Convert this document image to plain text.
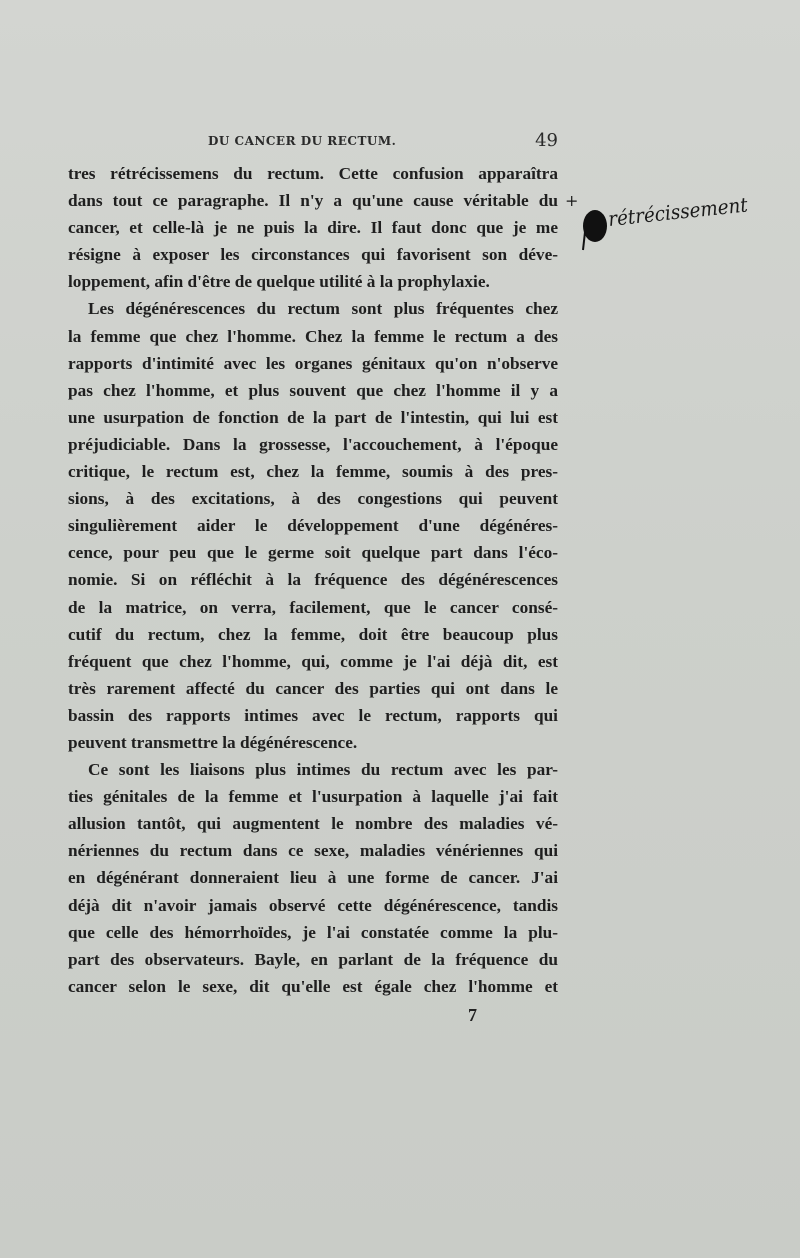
DU CANCER DU RECTUM.	49
tres rétrécissemens du rectum. Cette confusion apparaîtra
dans tout ce paragraphe. Il n'y a qu'une cause véritable du
cancer, et celle-là je ne puis la dire. Il faut donc que je me
résigne à exposer les circonstances qui favorisent son déve-
loppement, afin d'être de quelque utilité à la prophylaxie.
Les dégénérescences du rectum sont plus fréquentes chez
la femme que chez l'homme. Chez la femme le rectum a des
rapports d'intimité avec les organes génitaux qu'on n'observe
pas chez l'homme, et plus souvent que chez l'homme il y a
une usurpation de fonction de la part de l'intestin, qui lui est
préjudiciable. Dans la grossesse, l'accouchement, à l'époque
critique, le rectum est, chez la femme, soumis à des pres-
sions, à des excitations, à des congestions qui peuvent
singulièrement aider le développement d'une dégénéres-
cence, pour peu que le germe soit quelque part dans l'éco-
nomie. Si on réfléchit à la fréquence des dégénérescences
de la matrice, on verra, facilement, que le cancer consé-
cutif du rectum, chez la femme, doit être beaucoup plus
fréquent que chez l'homme, qui, comme je l'ai déjà dit, est
très rarement affecté du cancer des parties qui ont dans le
bassin des rapports intimes avec le rectum, rapports qui
peuvent transmettre la dégénérescence.
Ce sont les liaisons plus intimes du rectum avec les par-
ties génitales de la femme et l'usurpation à laquelle j'ai fait
allusion tantôt, qui augmentent le nombre des maladies vé-
nériennes du rectum dans ce sexe, maladies vénériennes qui
en dégénérant donneraient lieu à une forme de cancer. J'ai
déjà dit n'avoir jamais observé cette dégénérescence, tandis
que celle des hémorrhoïdes, je l'ai constatée comme la plu-
part des observateurs. Bayle, en parlant de la fréquence du
cancer selon le sexe, dit qu'elle est égale chez l'homme et
7
+ rétrécissement
